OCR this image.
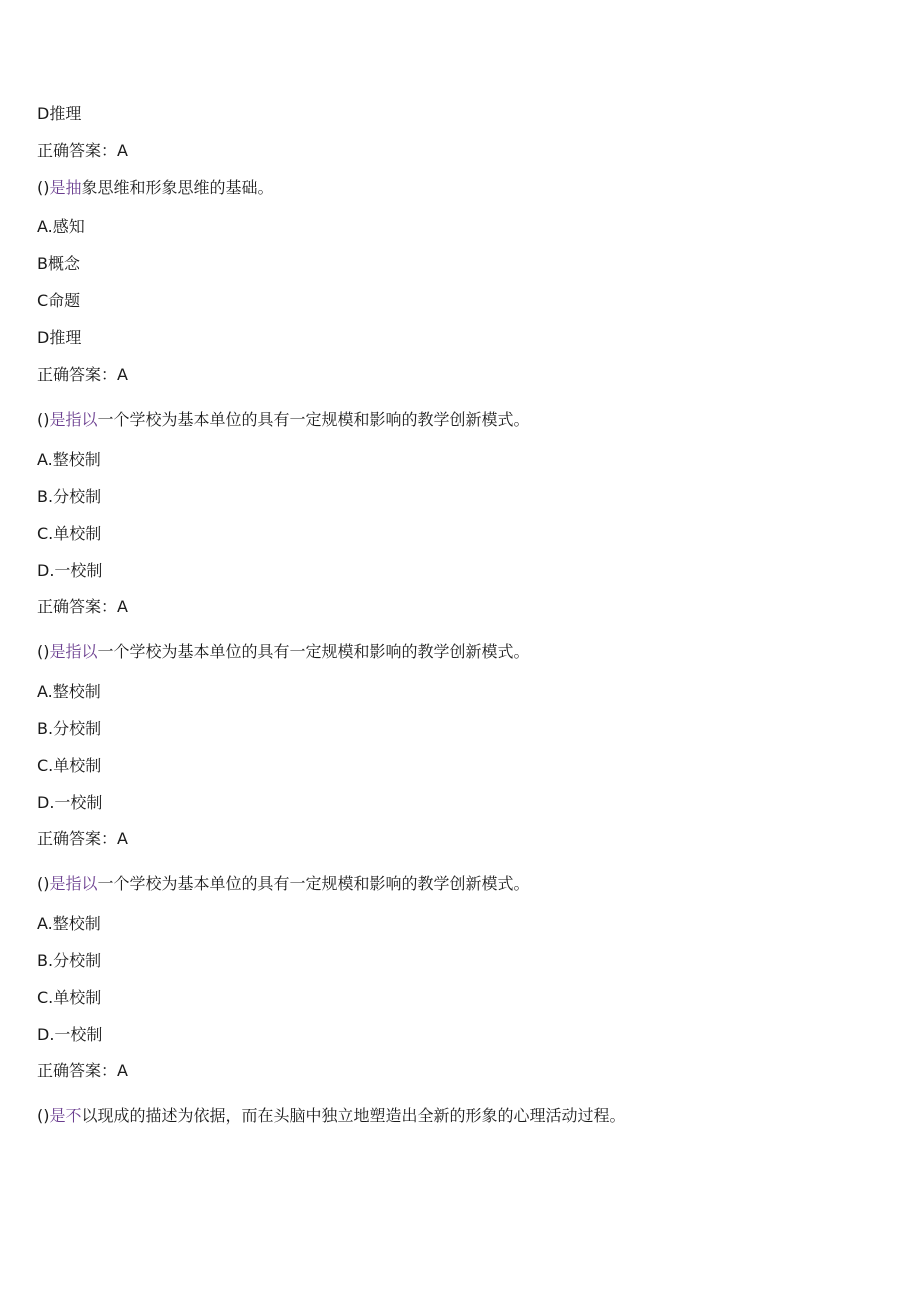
D推理
正确答案：A
()是抽象思维和形象思维的基础。
A.感知
B概念
C命题
D推理
正确答案：A
()是指以一个学校为基本单位的具有一定规模和影响的教学创新模式。
A.整校制
B.分校制
C.单校制
D.一校制
正确答案：A
()是指以一个学校为基本单位的具有一定规模和影响的教学创新模式。
A.整校制
B.分校制
C.单校制
D.一校制
正确答案：A
()是指以一个学校为基本单位的具有一定规模和影响的教学创新模式。
A.整校制
B.分校制
C.单校制
D.一校制
正确答案：A
()是不以现成的描述为依据，而在头脑中独立地塑造出全新的形象的心理活动过程。
